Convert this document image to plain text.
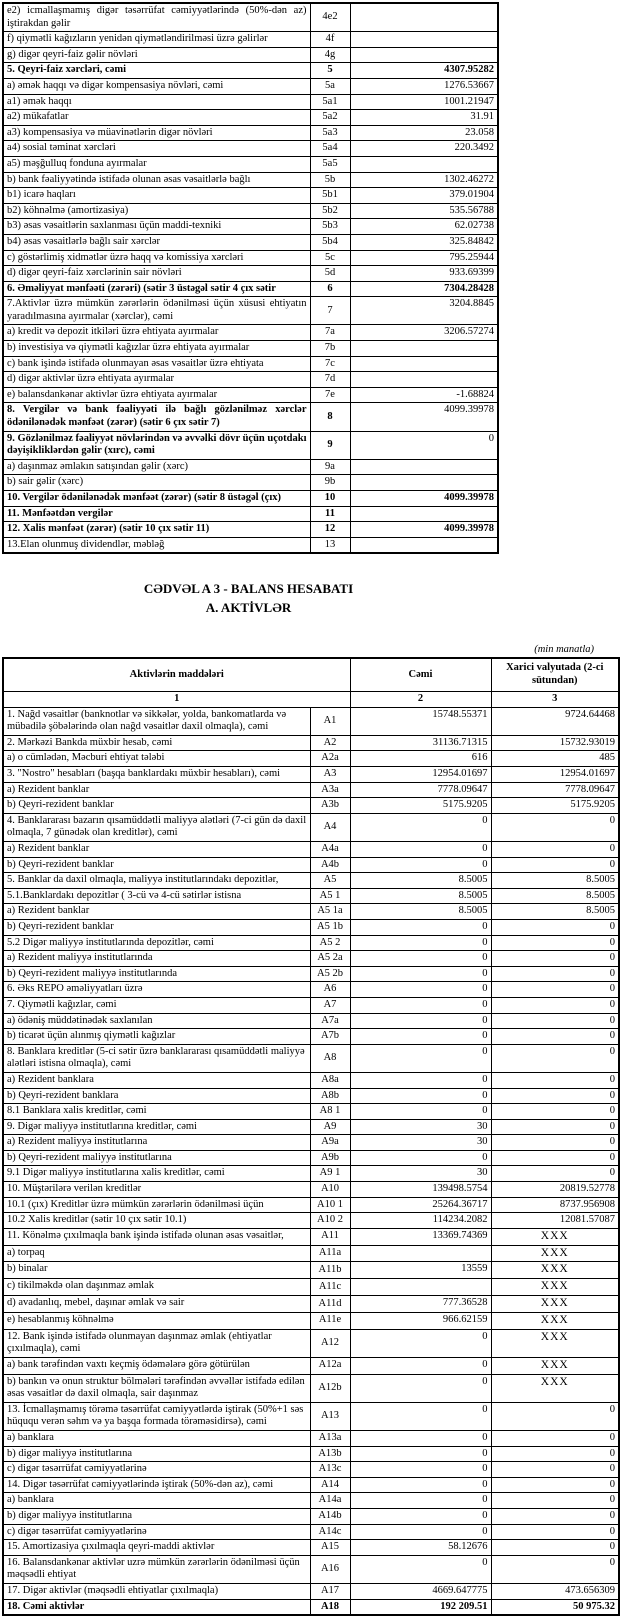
e2) icmallaşmamış digər təsərrüfat cəmiyyətlərində (50%-dən az) iştirakdan gəlir	4e2	
f) qiymətli kağızların yenidən qiymətləndirilməsi üzrə gəlirlər	4f	
g) digər qeyri-faiz gəlir növləri	4g	
5. Qeyri-faiz xərcləri, cəmi	5	4307.95282
a) əmək haqqı və digər kompensasiya növləri, cəmi	5a	1276.53667
a1) əmək haqqı	5a1	1001.21947
a2) mükafatlar	5a2	31.91
a3) kompensasiya və müavinətlərin digər növləri	5a3	23.058
a4) sosial təminat xərcləri	5a4	220.3492
a5) məşğulluq fonduna ayırmalar	5a5	
b) bank fəaliyyətində istifadə olunan əsas vəsaitlərlə bağlı	5b	1302.46272
b1) icarə haqları	5b1	379.01904
b2) köhnəlmə (amortizasiya)	5b2	535.56788
b3) əsas vəsaitlərin saxlanması üçün maddi-texniki	5b3	62.02738
b4) əsas vəsaitlərlə bağlı sair xərclər	5b4	325.84842
c) göstərlimiş xidmətlər üzrə haqq və komissiya xərcləri	5c	795.25944
d) digər qeyri-faiz xərclərinin sair növləri	5d	933.69399
6. Əməliyyat mənfəəti (zərəri) (sətir 3 üstəgəl sətir 4 çıx sətir	6	7304.28428
7.Aktivlər üzrə mümkün zərərlərin ödənilməsi üçün xüsusi ehtiyatın yaradılmasına ayırmalar (xərclər), cəmi	7	3204.8845
a) kredit və depozit itkiləri üzrə ehtiyata ayırmalar	7a	3206.57274
b) investisiya və qiymətli kağızlar üzrə ehtiyata ayırmalar	7b	
c) bank işində istifadə olunmayan əsas vəsaitlər üzrə ehtiyata	7c	
d) digər aktivlər üzrə ehtiyata ayırmalar	7d	
e) balansdankənar aktivlər üzrə ehtiyata ayırmalar	7e	-1.68824
8. Vergilər və bank fəaliyyəti ilə bağlı gözlənilməz xərclər ödənilənədək mənfəət (zərər) (sətir 6 çıx sətir 7)	8	4099.39978
9. Gözlənilməz fəaliyyət növlərindən və əvvəlki dövr üçün uçotdakı dəyişikliklərdən gəlir (xırc), cəmi	9	0
a) daşınmaz əmlakın satışından gəlir (xərc)	9a	
b) sair gəlir (xərc)	9b	
10. Vergilər ödənilənədək mənfəət (zərər) (sətir 8 üstəgəl (çıx)	10	4099.39978
11. Mənfəətdən vergilər	11	
12. Xalis mənfəət (zərər) (sətir 10 çıx sətir 11)	12	4099.39978
13.Elan olunmuş dividendlər, məbləğ	13	
CƏDVƏL A 3 - BALANS HESABATI
A. AKTİVLƏR
(min manatla)
Aktivlərin maddələri		Cəmi	Xarici valyutada (2-ci sütundan)
1		2	3
1. Nağd vəsaitlər (banknotlar və sikkələr, yolda, bankomatlarda və mübadilə şöbələrində olan nağd vəsaitlər daxil olmaqla), cəmi	A1	15748.55371	9724.64468
2. Mərkəzi Bankda müxbir hesab, cəmi	A2	31136.71315	15732.93019
a) o cümlədən, Məcburi ehtiyat tələbi	A2a	616	485
3. "Nostro" hesabları (başqa banklardakı müxbir hesabları), cəmi	A3	12954.01697	12954.01697
a) Rezident banklar	A3a	7778.09647	7778.09647
b) Qeyri-rezident banklar	A3b	5175.9205	5175.9205
4. Banklararası bazarın qısamüddətli maliyyə alətləri (7-ci gün də daxil olmaqla, 7 günədək olan kreditlər), cəmi	A4	0	0
a) Rezident banklar	A4a	0	0
b) Qeyri-rezident banklar	A4b	0	0
5. Banklar da daxil olmaqla, maliyyə institutlarındakı depozitlər,	A5	8.5005	8.5005
5.1.Banklardakı depozitlər ( 3-cü və 4-cü sətirlər istisna	A5 1	8.5005	8.5005
a) Rezident banklar	A5 1a	8.5005	8.5005
b) Qeyri-rezident banklar	A5 1b	0	0
5.2 Digər maliyyə institutlarında depozitlər, cəmi	A5 2	0	0
a) Rezident maliyyə institutlarında	A5 2a	0	0
b) Qeyri-rezident maliyyə institutlarında	A5 2b	0	0
6. Əks REPO əməliyyatları üzrə	A6	0	0
7. Qiymətli kağızlar, cəmi	A7	0	0
a) ödəniş müddətinədək saxlanılan	A7a	0	0
b) ticarət üçün alınmış qiymətli kağızlar	A7b	0	0
8. Banklara kreditlər (5-ci sətir üzrə banklararası qısamüddətli maliyyə alətləri istisna olmaqla), cəmi	A8	0	0
a) Rezident banklara	A8a	0	0
b) Qeyri-rezident banklara	A8b	0	0
8.1 Banklara xalis kreditlər, cəmi	A8 1	0	0
9. Digər maliyyə institutlarına kreditlər, cəmi	A9	30	0
a) Rezident maliyyə institutlarına	A9a	30	0
b) Qeyri-rezident maliyyə institutlarına	A9b	0	0
9.1 Digər maliyyə institutlarına xalis kreditlər, cəmi	A9 1	30	0
10. Müştərilərə verilən kreditlər	A10	139498.5754	20819.52778
10.1 (çıx) Kreditlər üzrə mümkün zərərlərin ödənilməsi üçün	A10 1	25264.36717	8737.956908
10.2 Xalis kreditlər (sətir 10 çıx sətir 10.1)	A10 2	114234.2082	12081.57087
11. Könəlmə çıxılmaqla bank işində istifadə olunan əsas vəsaitlər,	A11	13369.74369	XXX
a) torpaq	A11a		XXX
b) binalar	A11b	13559	XXX
c) tikilməkdə olan daşınmaz əmlak	A11c		XXX
d) avadanlıq, mebel, daşınar əmlak və sair	A11d	777.36528	XXX
e) hesablanmış köhnəlmə	A11e	966.62159	XXX
12. Bank işində istifadə olunmayan daşınmaz əmlak (ehtiyatlar çıxılmaqla), cəmi	A12	0	XXX
a) bank tərəfindən vaxtı keçmiş ödəmələrə görə götürülən	A12a	0	XXX
b) bankın və onun struktur bölmələri tərəfindən əvvəllər istifadə edilən əsas vəsaitlər də daxil olmaqla, sair daşınmaz	A12b	0	XXX
13. İcmallaşmamış törəmə təsərrüfat cəmiyyətlərdə iştirak (50%+1 səs hüququ verən səhm və ya başqa formada törəməsidirsə), cəmi	A13	0	0
a) banklara	A13a	0	0
b) digər maliyyə institutlarına	A13b	0	0
c) digər təsərrüfat cəmiyyətlərinə	A13c	0	0
14. Digər təsərrüfat cəmiyyətlərində iştirak (50%-dən az), cəmi	A14	0	0
a) banklara	A14a	0	0
b) digər maliyyə institutlarına	A14b	0	0
c) digər təsərrüfat cəmiyyətlərinə	A14c	0	0
15. Amortizasiya çıxılmaqla qeyri-maddi aktivlər	A15	58.12676	0
16. Balansdankənar aktivlər uzrə mümkün zərərlərin ödənilməsi üçün məqsədli ehtiyat	A16	0	0
17. Digər aktivlər (məqsədli ehtiyatlar çıxılmaqla)	A17	4669.647775	473.656309
18. Cəmi aktivlər	A18	192 209.51	50 975.32
